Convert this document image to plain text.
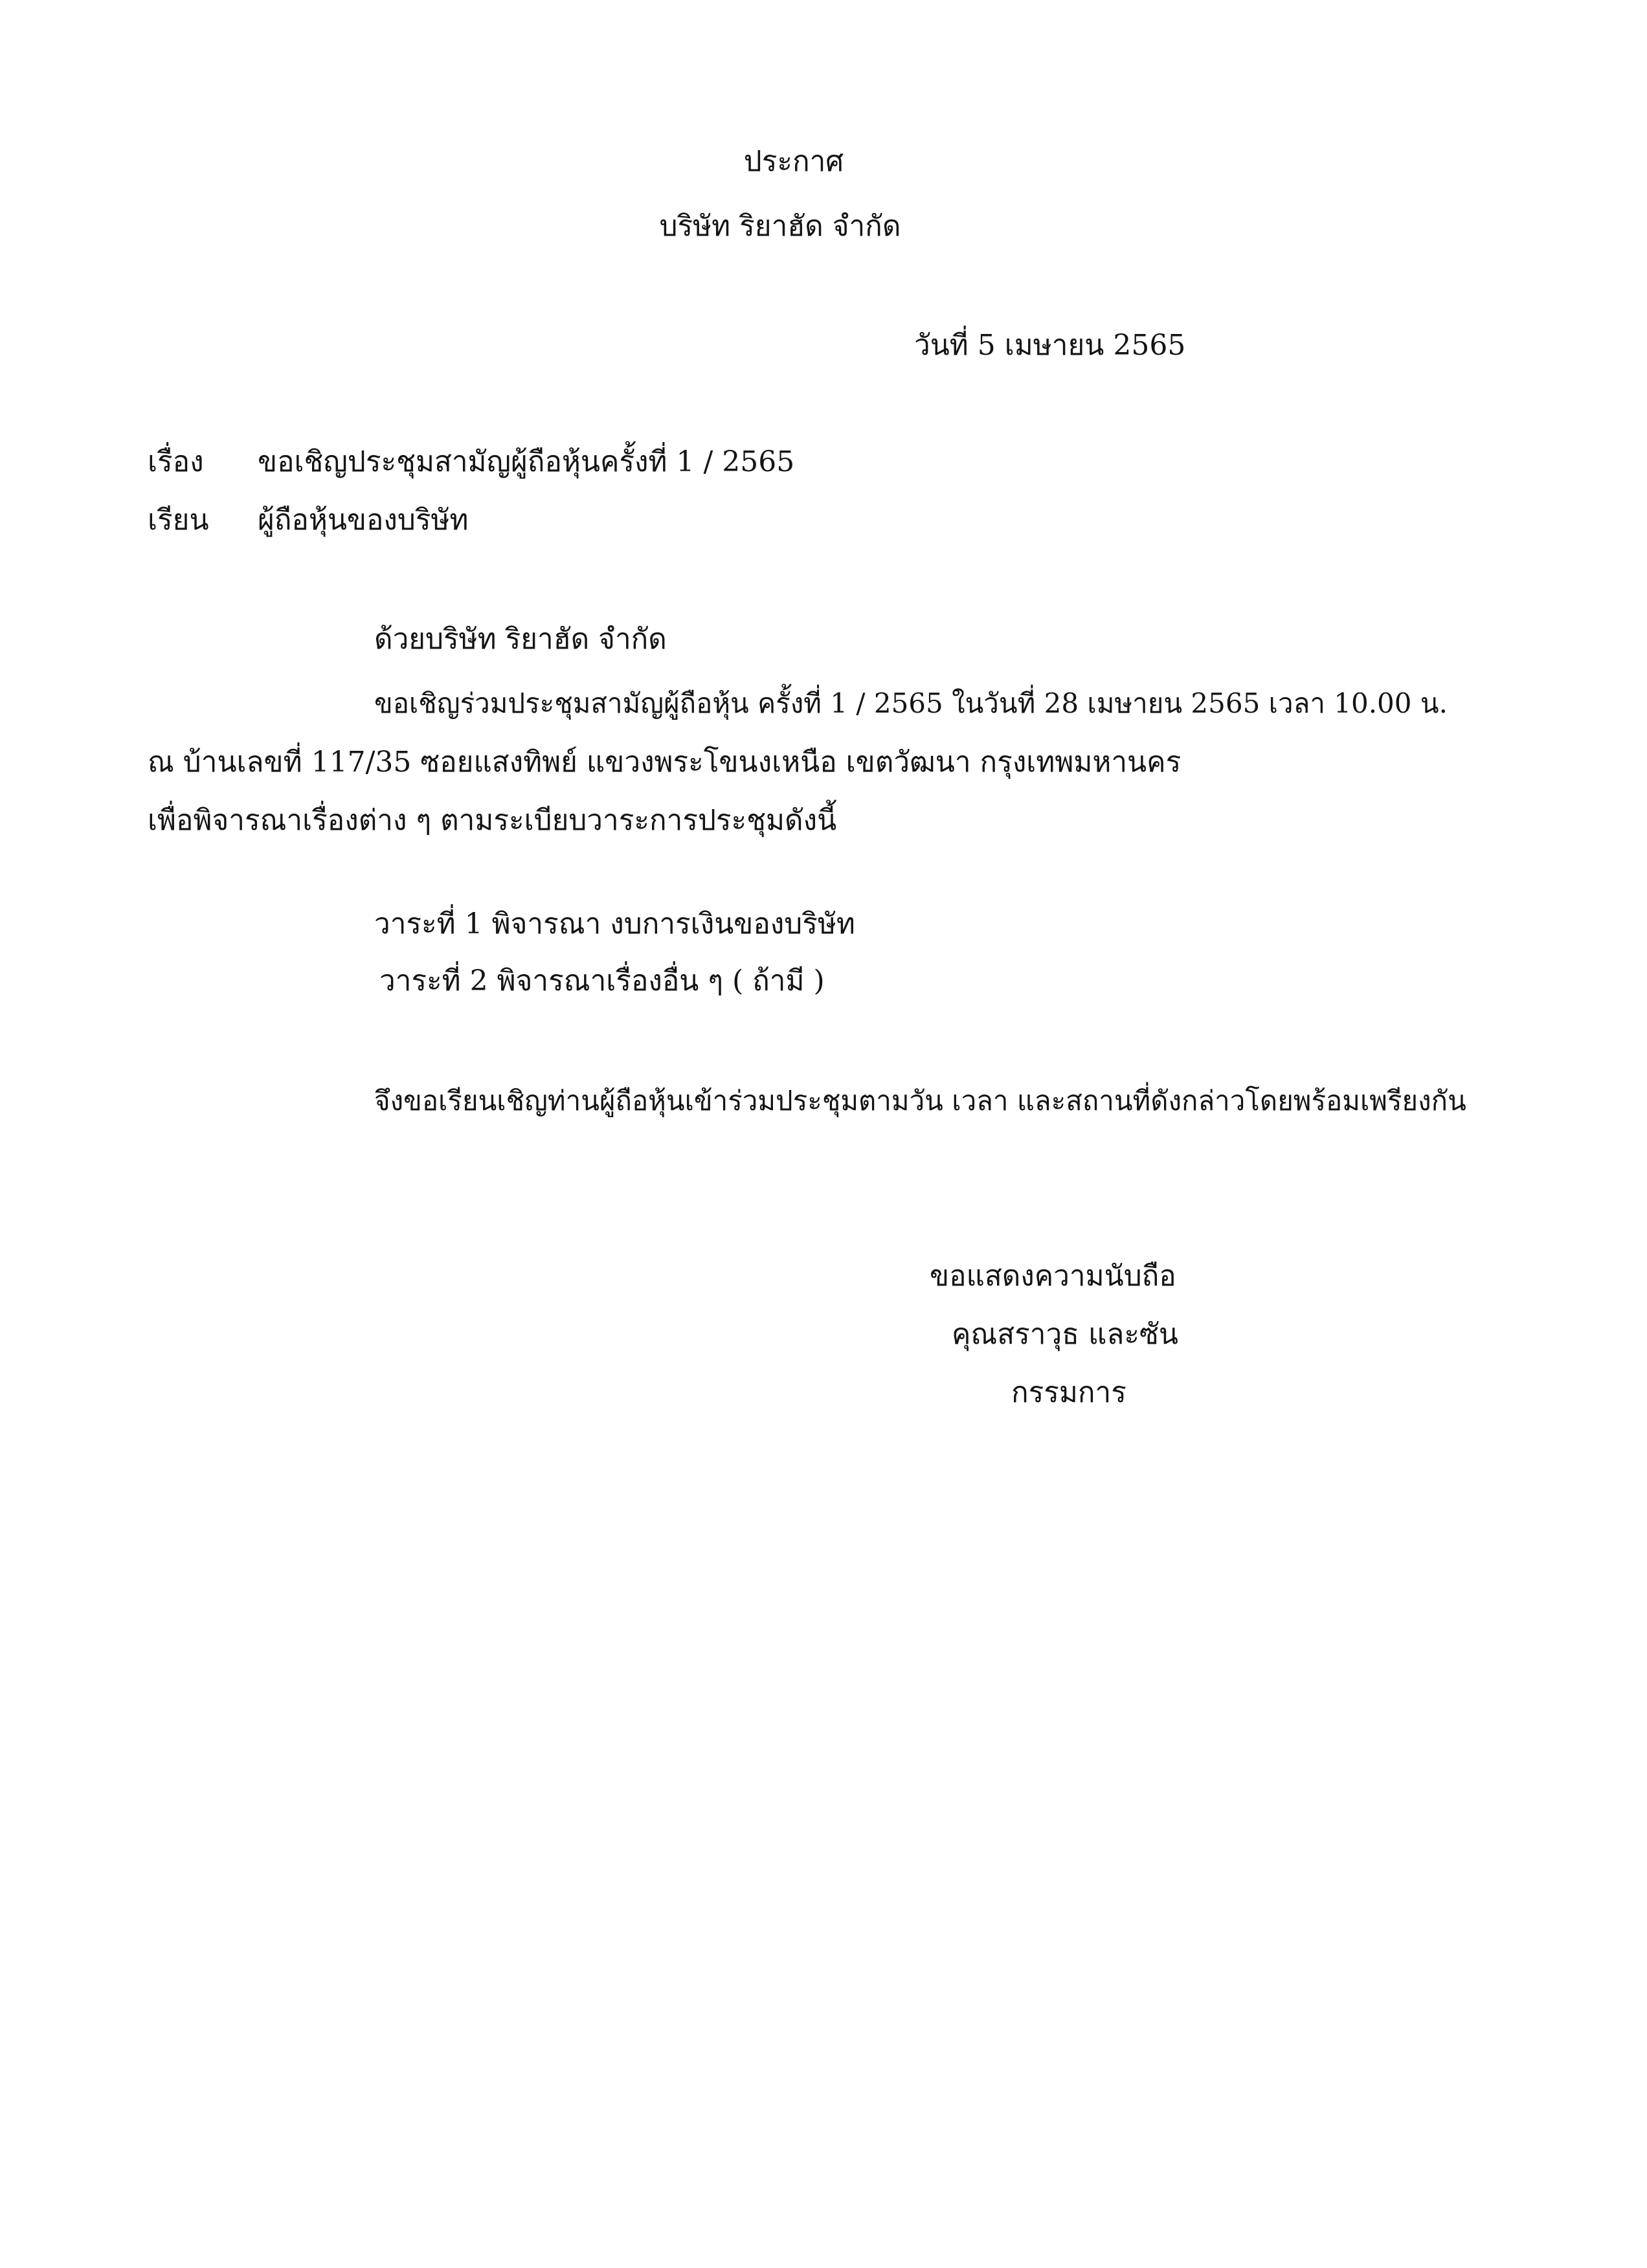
ประกาศ
บริษัท ริยาฮัด จำกัด
วันที่ 5 เมษายน 2565
เรื่อง ขอเชิญประชุมสามัญผู้ถือหุ้นครั้งที่ 1 / 2565
เรียน ผู้ถือหุ้นของบริษัท
ด้วยบริษัท ริยาฮัด จำกัด
ขอเชิญร่วมประชุมสามัญผู้ถือหุ้น ครั้งที่ 1 / 2565 ในวันที่ 28 เมษายน 2565 เวลา 10.00 น.
ณ บ้านเลขที่ 117/35 ซอยแสงทิพย์ แขวงพระโขนงเหนือ เขตวัฒนา กรุงเทพมหานคร
เพื่อพิจารณาเรื่องต่าง ๆ ตามระเบียบวาระการประชุมดังนี้
วาระที่ 1 พิจารณา งบการเงินของบริษัท
วาระที่ 2 พิจารณาเรื่องอื่น ๆ ( ถ้ามี )
จึงขอเรียนเชิญท่านผู้ถือหุ้นเข้าร่วมประชุมตามวัน เวลา และสถานที่ดังกล่าวโดยพร้อมเพรียงกัน
ขอแสดงความนับถือ
คุณสราวุธ และซัน
กรรมการ
